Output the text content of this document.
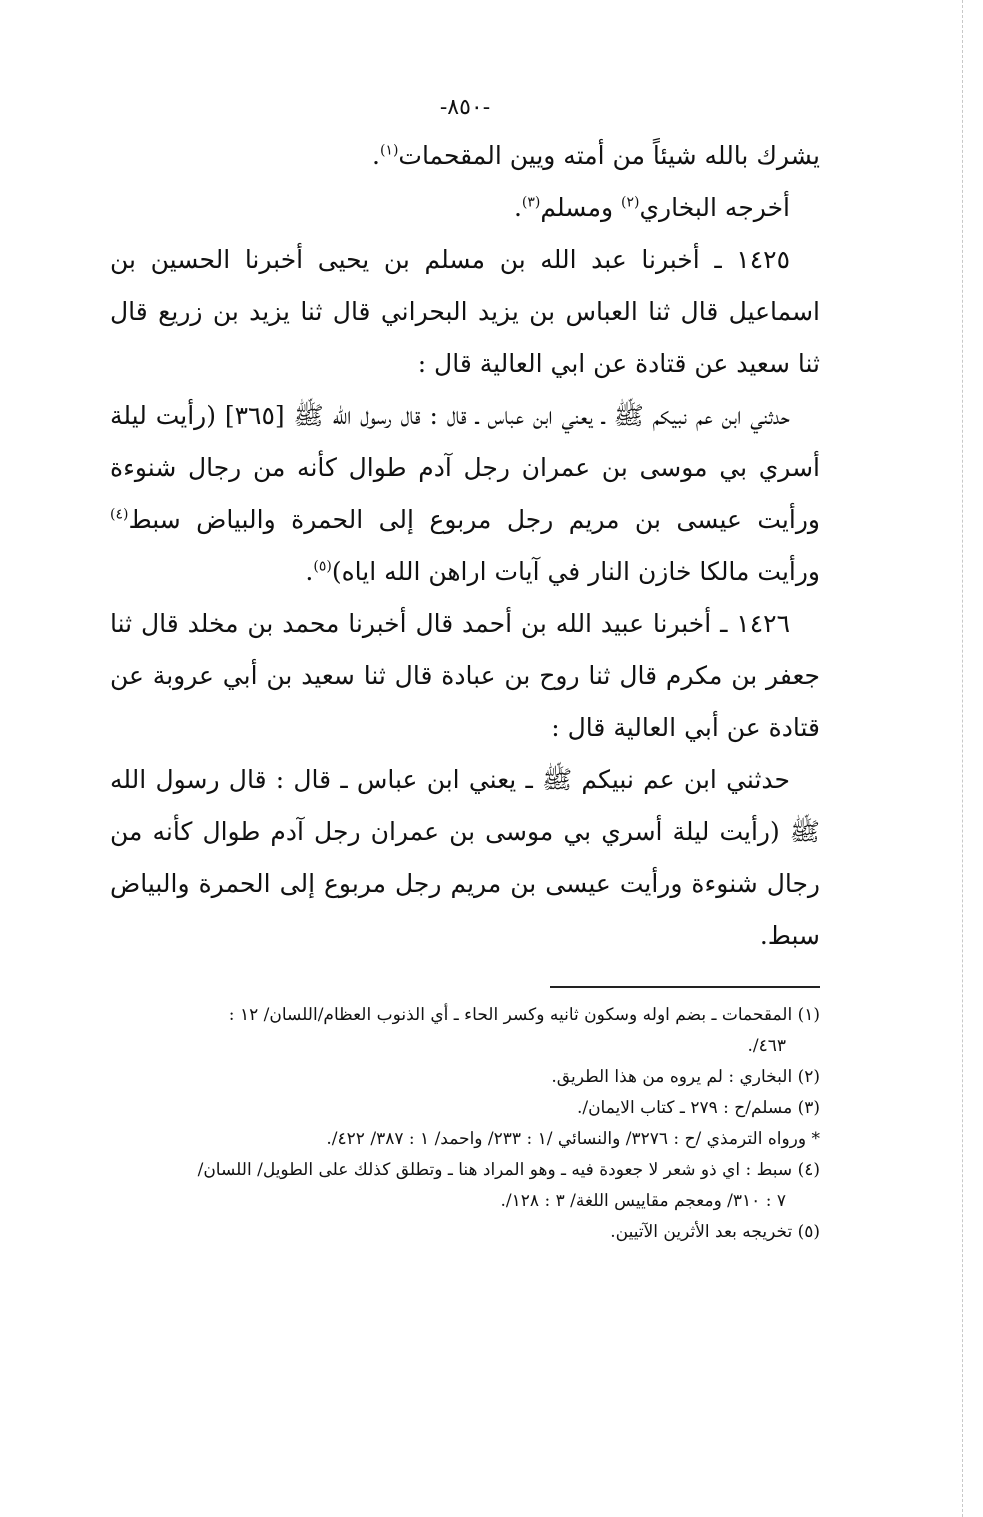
-٨٥٠-

يشرك بالله شيئاً من أمته ويين المقحمات$^{(١)}$.

أخرجه البخاري$^{(٢)}$ ومسلم$^{(٣)}$.

١٤٢٥ ـ أخبرنا عبد الله بن مسلم بن يحيى أخبرنا الحسين بن اسماعيل قال ثنا العباس بن يزيد البحراني قال ثنا يزيد بن زريع قال ثنا سعيد عن قتادة عن ابي العالية قال :

حدثني ابن عم نبيكم ﷺ ـ يعني ابن عباس ـ قال : قال رسول الله ﷺ [٣٦٥] (رأيت ليلة أسري بي موسى بن عمران رجل آدم طوال كأنه من رجال شنوءة ورأيت عيسى بن مريم رجل مربوع إلى الحمرة والبياض سبط$^{(٤)}$ ورأيت مالكا خازن النار في آيات اراهن الله اياه)$^{(٥)}$.

١٤٢٦ ـ أخبرنا عبيد الله بن أحمد قال أخبرنا محمد بن مخلد قال ثنا جعفر بن مكرم قال ثنا روح بن عبادة قال ثنا سعيد بن أبي عروبة عن قتادة عن أبي العالية قال :

حدثني ابن عم نبيكم ﷺ ـ يعني ابن عباس ـ قال : قال رسول الله ﷺ (رأيت ليلة أسري بي موسى بن عمران رجل آدم طوال كأنه من رجال شنوءة ورأيت عيسى بن مريم رجل مربوع إلى الحمرة والبياض سبط.

(١) المقحمات ـ بضم اوله وسكون ثانيه وكسر الحاء ـ أي الذنوب العظام/اللسان/ ١٢ :

٤٦٣/.

(٢) البخاري : لم يروه من هذا الطريق.

(٣) مسلم/ح : ٢٧٩ ـ كتاب الايمان/.

* ورواه الترمذي /ح : ٣٢٧٦/ والنسائي /١ : ٢٣٣/ واحمد/ ١ : ٣٨٧/ ٤٢٢/.

(٤) سبط : اي ذو شعر لا جعودة فيه ـ وهو المراد هنا ـ وتطلق كذلك على الطويل/ اللسان/

٧ : ٣١٠/ ومعجم مقاييس اللغة/ ٣ : ١٢٨/.

(٥) تخريجه بعد الأثرين الآتيين.
